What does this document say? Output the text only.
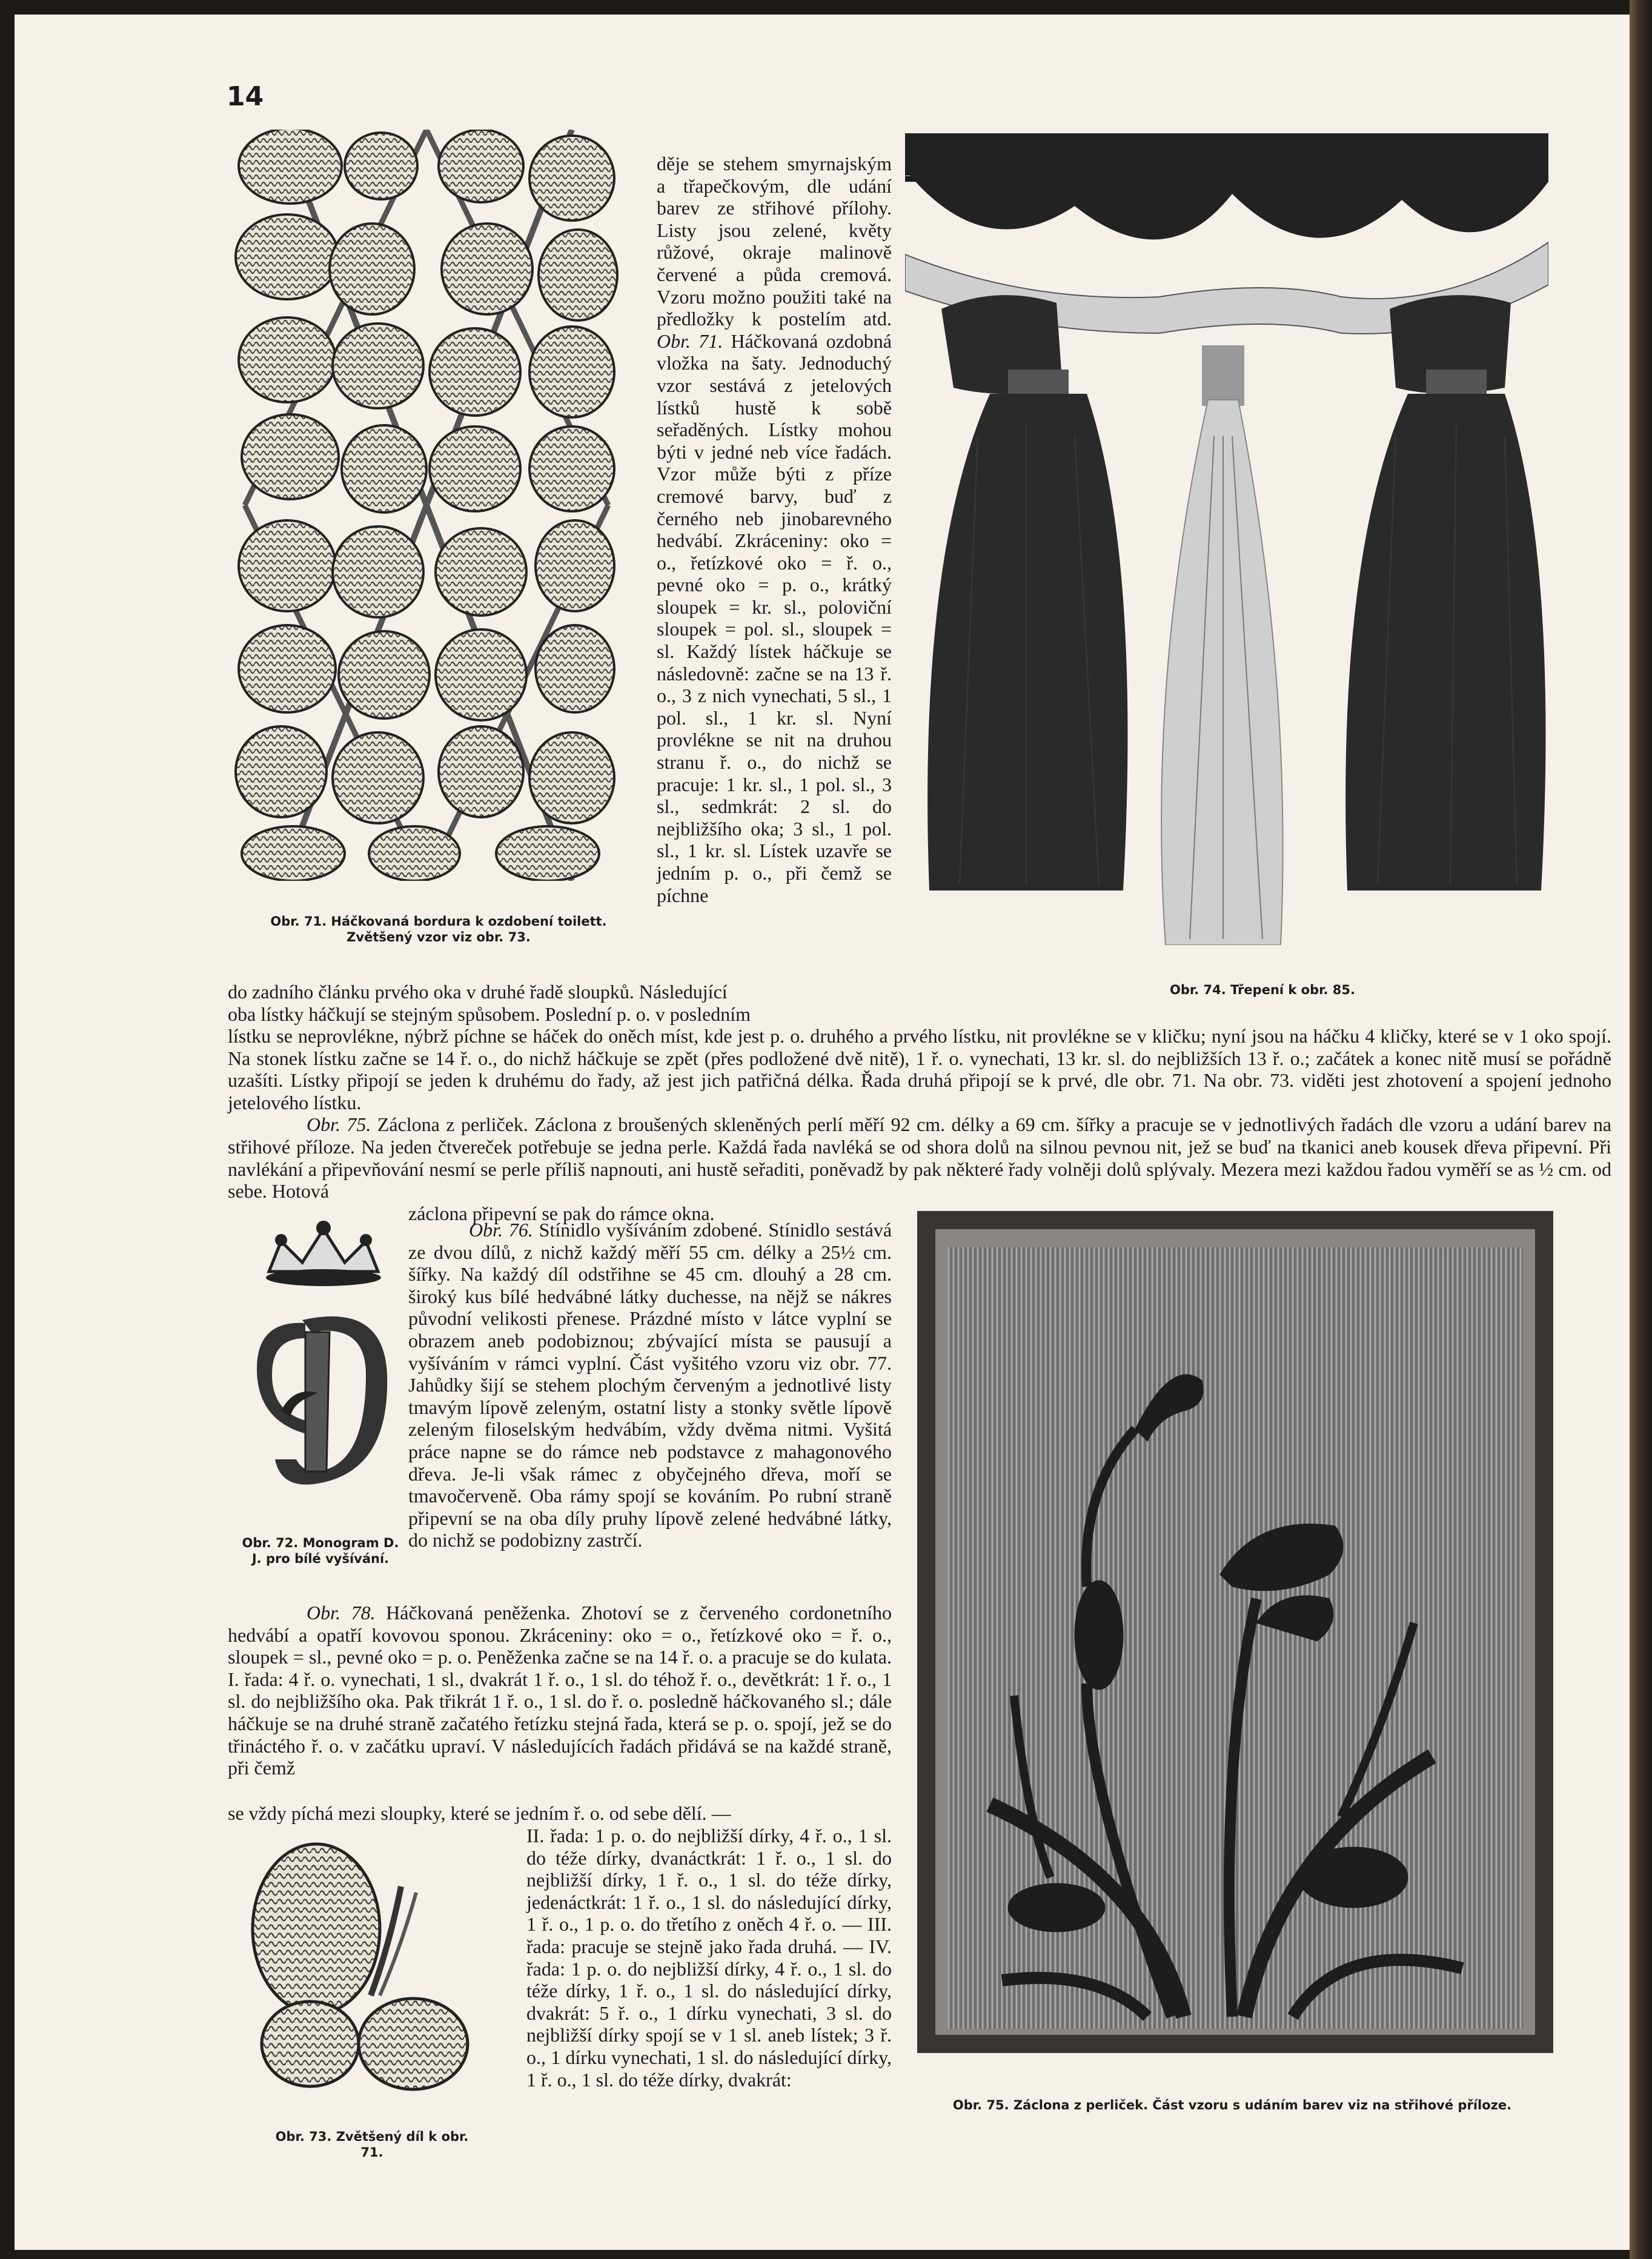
14

Obr. 71. Háčkovaná bordura k ozdobení toilett. Zvětšený vzor viz obr. 73.

děje se stehem smyrnajským a třapečkovým, dle udání barev ze střihové přílohy. Listy jsou zelené, květy růžové, okraje malinově červené a půda cremová. Vzoru možno použiti také na předložky k postelím atd. Obr. 71. Háčkovaná ozdobná vložka na šaty. Jednoduchý vzor sestává z jetelových lístků hustě k sobě seřaděných. Lístky mohou býti v jedné neb více řadách. Vzor může býti z příze cremové barvy, buď z černého neb jinobarevného hedvábí. Zkráceniny: oko = o., řetízkové oko = ř. o., pevné oko = p. o., krátký sloupek = kr. sl., poloviční sloupek = pol. sl., sloupek = sl. Každý lístek háčkuje se následovně: začne se na 13 ř. o., 3 z nich vynechati, 5 sl., 1 pol. sl., 1 kr. sl. Nyní provlékne se nit na druhou stranu ř. o., do nichž se pracuje: 1 kr. sl., 1 pol. sl., 3 sl., sedmkrát: 2 sl. do nejbližšího oka; 3 sl., 1 pol. sl., 1 kr. sl. Lístek uzavře se jedním p. o., při čemž se píchne

Obr. 74. Třepení k obr. 85.

do zadního článku prvého oka v druhé řadě sloupků. Následující
oba lístky háčkují se stejným spůsobem. Poslední p. o. v posledním

lístku se neprovlékne, nýbrž píchne se háček do oněch míst, kde jest p. o. druhého a prvého lístku, nit provlékne se v kličku; nyní jsou na háčku 4 kličky, které se v 1 oko spojí. Na stonek lístku začne se 14 ř. o., do nichž háčkuje se zpět (přes podložené dvě nitě), 1 ř. o. vynechati, 13 kr. sl. do nejbližších 13 ř. o.; začátek a konec nitě musí se pořádně uzašíti. Lístky připojí se jeden k druhému do řady, až jest jich patřičná délka. Řada druhá připojí se k prvé, dle obr. 71. Na obr. 73. viděti jest zhotovení a spojení jednoho jetelového lístku.
Obr. 75. Záclona z perliček. Záclona z broušených skleněných perlí měří 92 cm. délky a 69 cm. šířky a pracuje se v jednotlivých řadách dle vzoru a udání barev na střihové příloze. Na jeden čtvereček potřebuje se jedna perle. Každá řada navléká se od shora dolů na silnou pevnou nit, jež se buď na tkanici aneb kousek dřeva připevní. Při navlékání a připevňování nesmí se perle příliš napnouti, ani hustě seřaditi, poněvadž by pak některé řady volněji dolů splývaly. Mezera mezi každou řadou vyměří se as ½ cm. od sebe. Hotová

záclona připevní se pak do rámce okna.

Obr. 72. Monogram D. J. pro bílé vyšívání.

Obr. 76. Stínidlo vyšíváním zdobené. Stínidlo sestává ze dvou dílů, z nichž každý měří 55 cm. délky a 25½ cm. šířky. Na každý díl odstřihne se 45 cm. dlouhý a 28 cm. široký kus bílé hedvábné látky duchesse, na nějž se nákres původní velikosti přenese. Prázdné místo v látce vyplní se obrazem aneb podobiznou; zbývající místa se pausují a vyšíváním v rámci vyplní. Část vyšitého vzoru viz obr. 77. Jahůdky šijí se stehem plochým červeným a jednotlivé listy tmavým lípově zeleným, ostatní listy a stonky světle lípově zeleným filoselským hedvábím, vždy dvěma nitmi. Vyšitá práce napne se do rámce neb podstavce z mahagonového dřeva. Je-li však rámec z obyčejného dřeva, moří se tmavočerveně. Oba rámy spojí se kováním. Po rubní straně připevní se na oba díly pruhy lípově zelené hedvábné látky, do nichž se podobizny zastrčí.

Obr. 75. Záclona z perliček. Část vzoru s udáním barev viz na střihové příloze.

Obr. 78. Háčkovaná peněženka. Zhotoví se z červeného cordonetního hedvábí a opatří kovovou sponou. Zkráceniny: oko = o., řetízkové oko = ř. o., sloupek = sl., pevné oko = p. o. Peněženka začne se na 14 ř. o. a pracuje se do kulata. I. řada: 4 ř. o. vynechati, 1 sl., dvakrát 1 ř. o., 1 sl. do téhož ř. o., devětkrát: 1 ř. o., 1 sl. do nejbližšího oka. Pak třikrát 1 ř. o., 1 sl. do ř. o. posledně háčkovaného sl.; dále háčkuje se na druhé straně začatého řetízku stejná řada, která se p. o. spojí, jež se do třináctého ř. o. v začátku upraví. V následujících řadách přidává se na každé straně, při čemž

se vždy píchá mezi sloupky, které se jedním ř. o. od sebe dělí. —

Obr. 73. Zvětšený díl k obr. 71.

II. řada: 1 p. o. do nejbližší dírky, 4 ř. o., 1 sl. do téže dírky, dvanáctkrát: 1 ř. o., 1 sl. do nejbližší dírky, 1 ř. o., 1 sl. do téže dírky, jedenáctkrát: 1 ř. o., 1 sl. do následující dírky, 1 ř. o., 1 p. o. do třetího z oněch 4 ř. o. — III. řada: pracuje se stejně jako řada druhá. — IV. řada: 1 p. o. do nejbližší dírky, 4 ř. o., 1 sl. do téže dírky, 1 ř. o., 1 sl. do následující dírky, dvakrát: 5 ř. o., 1 dírku vynechati, 3 sl. do nejbližší dírky spojí se v 1 sl. aneb lístek; 3 ř. o., 1 dírku vynechati, 1 sl. do následující dírky, 1 ř. o., 1 sl. do téže dírky, dvakrát:
